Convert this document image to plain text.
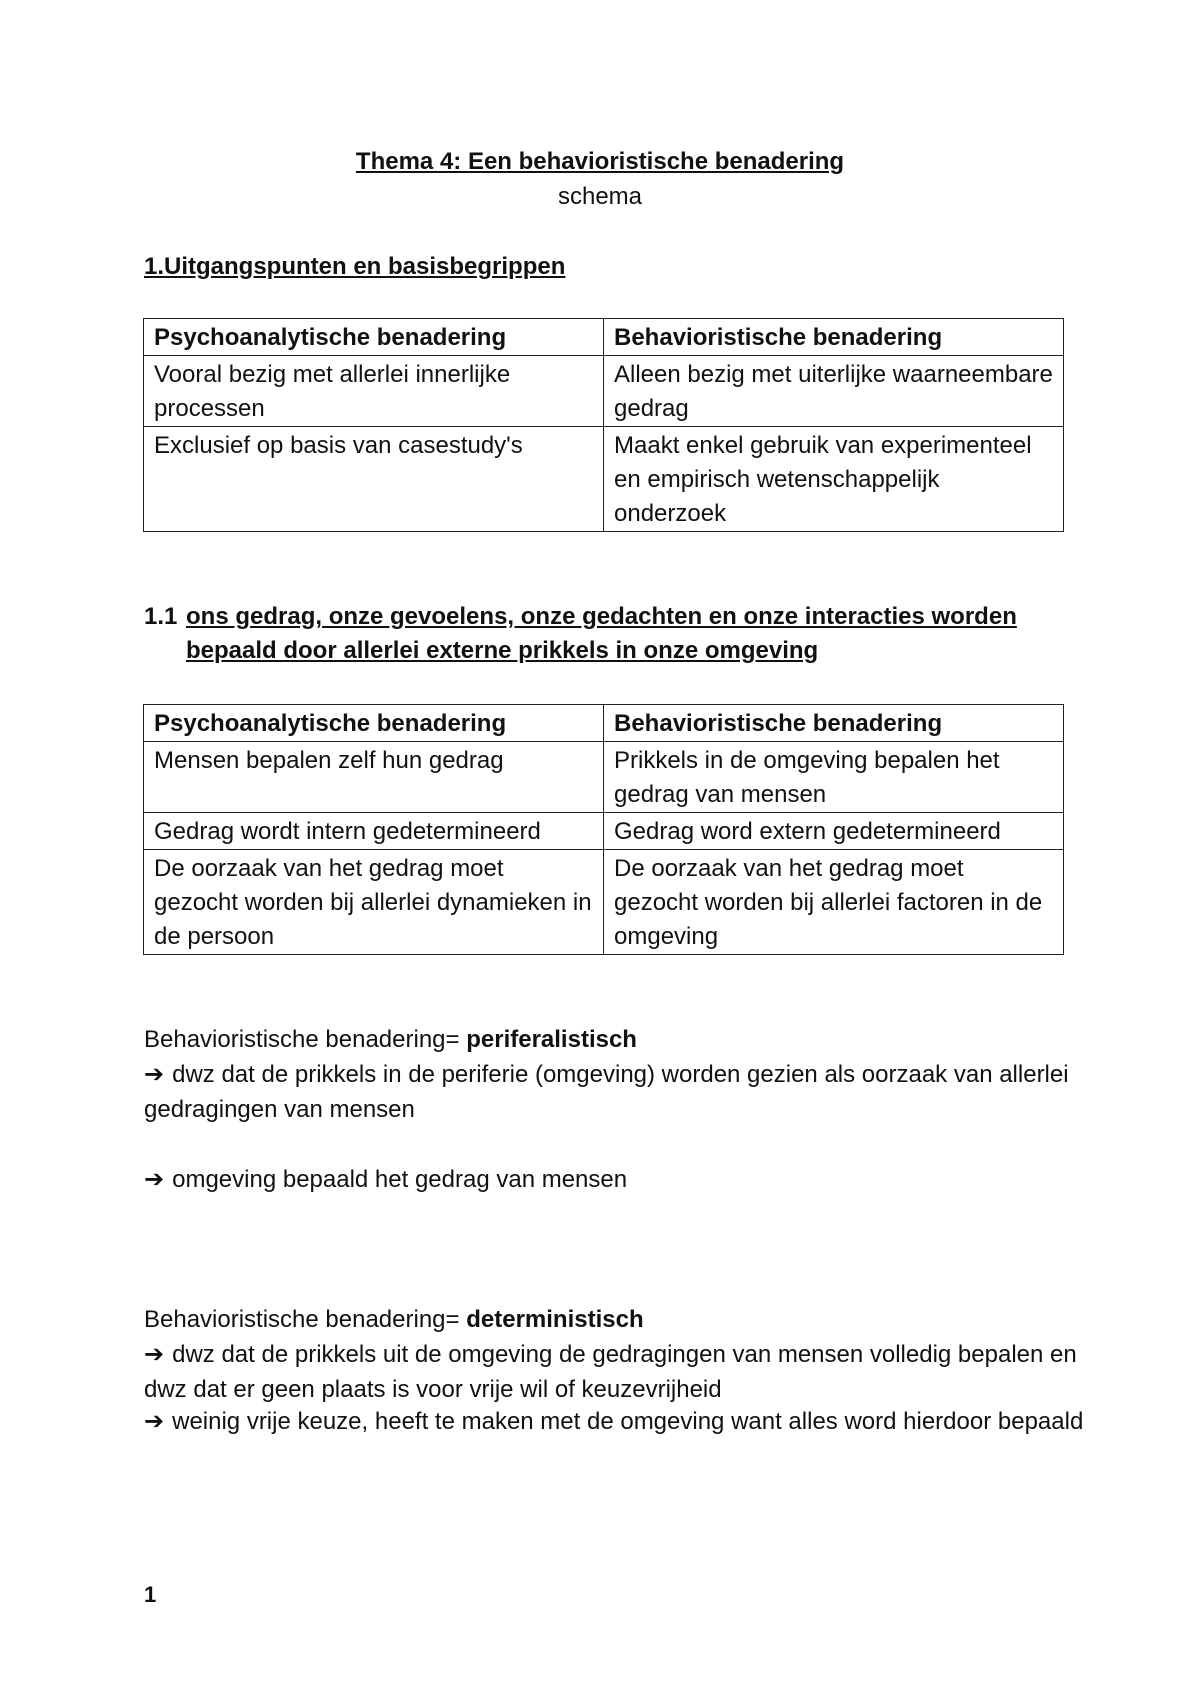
Thema 4: Een behavioristische benadering
schema
1.Uitgangspunten en basisbegrippen
Psychoanalytische benadering	Behavioristische benadering
Vooral bezig met allerlei innerlijke processen	Alleen bezig met uiterlijke waarneembare gedrag
Exclusief op basis van casestudy's	Maakt enkel gebruik van experimenteel en empirisch wetenschappelijk onderzoek
1.1 ons gedrag, onze gevoelens, onze gedachten en onze interacties worden
bepaald door allerlei externe prikkels in onze omgeving
Psychoanalytische benadering	Behavioristische benadering
Mensen bepalen zelf hun gedrag	Prikkels in de omgeving bepalen het gedrag van mensen
Gedrag wordt intern gedetermineerd	Gedrag word extern gedetermineerd
De oorzaak van het gedrag moet gezocht worden bij allerlei dynamieken in de persoon	De oorzaak van het gedrag moet gezocht worden bij allerlei factoren in de omgeving
Behavioristische benadering= periferalistisch
➔ dwz dat de prikkels in de periferie (omgeving) worden gezien als oorzaak van allerlei gedragingen van mensen
➔ omgeving bepaald het gedrag van mensen
Behavioristische benadering= deterministisch
➔ dwz dat de prikkels uit de omgeving de gedragingen van mensen volledig bepalen en dwz dat er geen plaats is voor vrije wil of keuzevrijheid
➔ weinig vrije keuze, heeft te maken met de omgeving want alles word hierdoor bepaald
1
